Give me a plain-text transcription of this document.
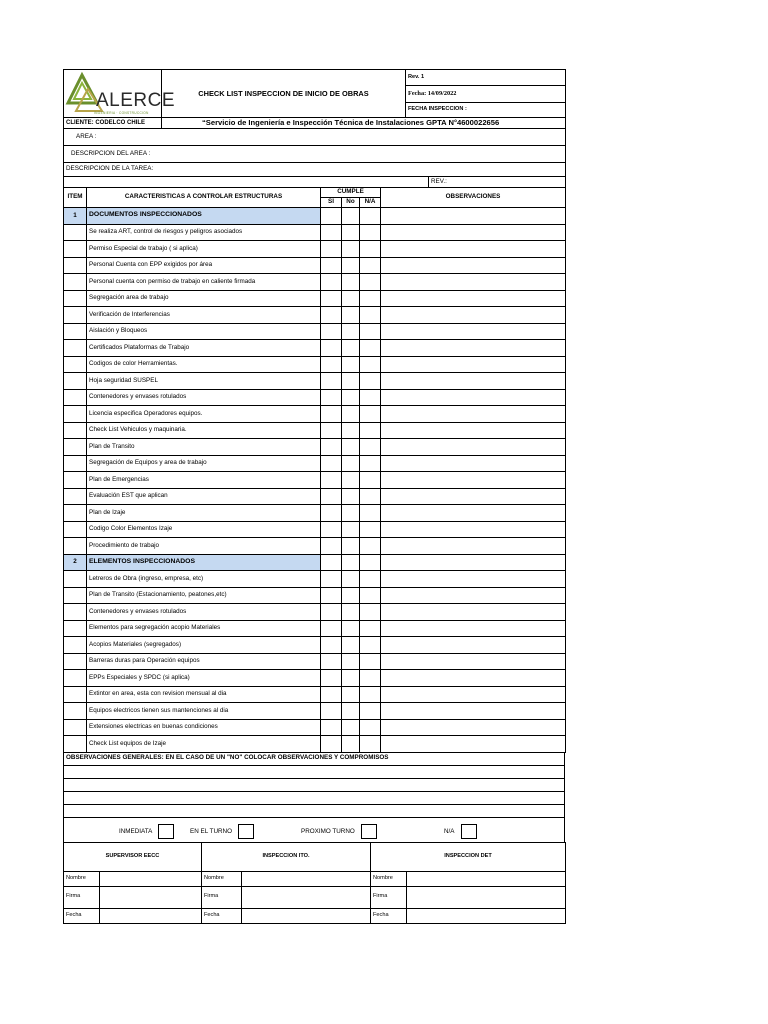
ALERCE
INGENIERIA · CONSTRUCCION	CHECK LIST INSPECCION DE INICIO DE OBRAS	Rev. 1
		Fecha: 14/09/2022
		FECHA INSPECCION :
CLIENTE: CODELCO CHILE	“Servicio de Ingeniería e Inspección Técnica de Instalaciones GPTA N°4600022656	
AREA :
DESCRIPCION DEL AREA :
DESCRIPCION DE LA TAREA:
	REV.:
ITEM	CARACTERISTICAS A CONTROLAR ESTRUCTURAS	CUMPLE			OBSERVACIONES
		SI	No	N/A	
1	DOCUMENTOS INSPECCIONADOS				
	Se realiza ART, control de riesgos y peligros asociados				
	Permiso Especial de trabajo ( si aplica)				
	Personal Cuenta con EPP exigidos por área				
	Personal cuenta con permiso de trabajo en caliente firmada				
	Segregación area de trabajo				
	Verificación de Interferencias				
	Aislación y Bloqueos				
	Certificados Plataformas de Trabajo				
	Codigos de color Herramientas.				
	Hoja seguridad SUSPEL				
	Contenedores y envases rotulados				
	Licencia especifica Operadores equipos.				
	Check List Vehiculos y maquinaria.				
	Plan de Transito				
	Segregación de Equipos y area de trabajo				
	Plan de Emergencias				
	Evaluación EST que aplican				
	Plan de Izaje				
	Codigo Color Elementos Izaje				
	Procedimiento de trabajo				
2	ELEMENTOS INSPECCIONADOS				
	Letreros de Obra (ingreso, empresa, etc)				
	Plan de Transito (Estacionamiento, peatones,etc)				
	Contenedores y envases rotulados				
	Elementos para segregación acopio Materiales				
	Acopios Materiales (segregados)				
	Barreras duras para Operación equipos				
	EPPs Especiales y SPDC (si aplica)				
	Extintor en area, esta con revision mensual al dia				
	Equipos electricos tienen sus mantenciones al dia				
	Extensiones electricas en buenas condiciones				
	Check List equipos de Izaje				
OBSERVACIONES GENERALES: EN EL CASO DE UN "NO" COLOCAR OBSERVACIONES Y COMPROMISOS

INMEDIATA	EN EL TURNO	PROXIMO TURNO	N/A
SUPERVISOR EECC		INSPECCION ITO.		INSPECCION DET	
Nombre		Nombre		Nombre	
Firma		Firma		Firma	
Fecha		Fecha		Fecha	
